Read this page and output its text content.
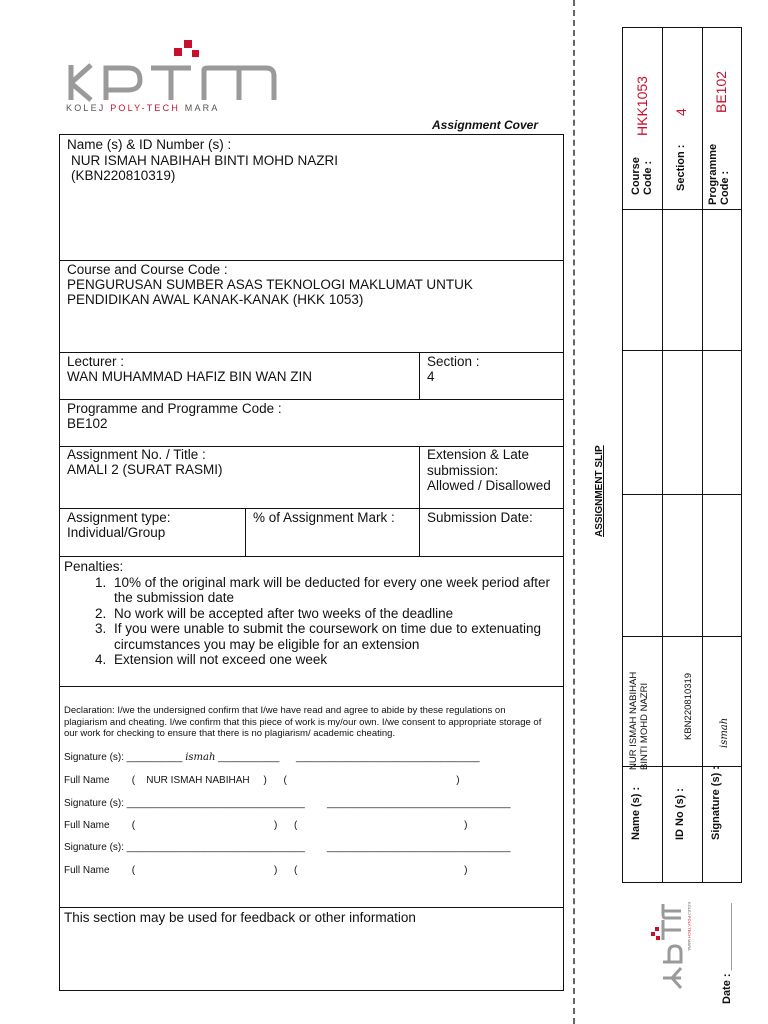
KOLEJ POLY-TECH MARA
Assignment Cover
Name (s) & ID Number (s) :
NUR ISMAH NABIHAH BINTI MOHD NAZRI
(KBN220810319)
Course and Course Code :
PENGURUSAN SUMBER ASAS TEKNOLOGI MAKLUMAT UNTUK
PENDIDIKAN AWAL KANAK-KANAK (HKK 1053)
Lecturer :
WAN MUHAMMAD HAFIZ BIN WAN ZIN
Section :
4
Programme and Programme Code :
BE102
Assignment No. / Title :
AMALI 2 (SURAT RASMI)
Extension & Late
submission:
Allowed / Disallowed
Assignment type:
Individual/Group
% of Assignment Mark : Submission Date:
Penalties:
1. 10% of the original mark will be deducted for every one week period after the submission date
2. No work will be accepted after two weeks of the deadline
3. If you were unable to submit the coursework on time due to extenuating circumstances you may be eligible for an extension
4. Extension will not exceed one week
Declaration: I/we the undersigned confirm that I/we have read and agree to abide by these regulations on plagiarism and cheating. I/we confirm that this piece of work is my/our own. I/we consent to appropriate storage of our work for checking to ensure that there is no plagiarism/ academic cheating.
Signature (s): __________ ismah ___________      _________________________________
Full Name        (    NUR ISMAH NABIHAH     )      (                                                             )
Signature (s): ________________________________        _________________________________
Full Name        (                                                  )      (                                                            )
Signature (s): ________________________________        _________________________________
Full Name        (                                                  )      (                                                            )
This section may be used for feedback or other information
ASSIGNMENT SLIP
Course
Code :
HKK1053
Section :
4
Programme
Code :
BE102
Name (s) :
NUR ISMAH NABIHAH
BINTI MOHD NAZRI
ID No (s) :
KBN220810319
Signature (s) :
ismah
KOLEJ POLY-TECH MARA	Date : ___________
